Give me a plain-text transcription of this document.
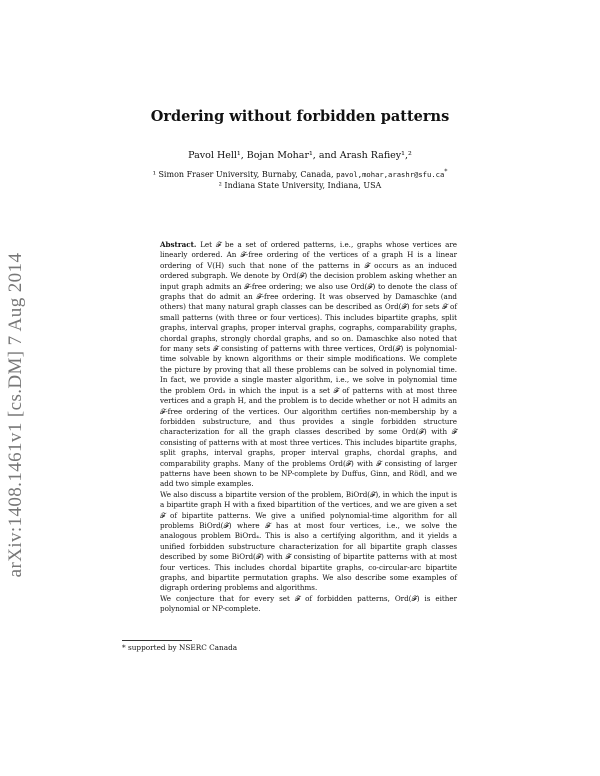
arXiv:1408.1461v1 [cs.DM] 7 Aug 2014
Ordering without forbidden patterns
Pavol Hell¹, Bojan Mohar¹, and Arash Rafiey¹,²
¹ Simon Fraser University, Burnaby, Canada, pavol,mohar,arashr@sfu.ca*
² Indiana State University, Indiana, USA

Abstract. Let 𝓕 be a set of ordered patterns, i.e., graphs whose vertices are linearly ordered. An 𝓕-free ordering of the vertices of a graph H is a linear ordering of V(H) such that none of the patterns in 𝓕 occurs as an induced ordered subgraph. We denote by Ord(𝓕) the decision problem asking whether an input graph admits an 𝓕-free ordering; we also use Ord(𝓕) to denote the class of graphs that do admit an 𝓕-free ordering. It was observed by Damaschke (and others) that many natural graph classes can be described as Ord(𝓕) for sets 𝓕 of small patterns (with three or four vertices). This includes bipartite graphs, split graphs, interval graphs, proper interval graphs, cographs, comparability graphs, chordal graphs, strongly chordal graphs, and so on. Damaschke also noted that for many sets 𝓕 consisting of patterns with three vertices, Ord(𝓕) is polynomial-time solvable by known algorithms or their simple modifications. We complete the picture by proving that all these problems can be solved in polynomial time. In fact, we provide a single master algorithm, i.e., we solve in polynomial time the problem Ord₃ in which the input is a set 𝓕 of patterns with at most three vertices and a graph H, and the problem is to decide whether or not H admits an 𝓕-free ordering of the vertices. Our algorithm certifies non-membership by a forbidden substructure, and thus provides a single forbidden structure characterization for all the graph classes described by some Ord(𝓕) with 𝓕 consisting of patterns with at most three vertices. This includes bipartite graphs, split graphs, interval graphs, proper interval graphs, chordal graphs, and comparability graphs. Many of the problems Ord(𝓕) with 𝓕 consisting of larger patterns have been shown to be NP-complete by Duffus, Ginn, and Rödl, and we add two simple examples.

We also discuss a bipartite version of the problem, BiOrd(𝓕), in which the input is a bipartite graph H with a fixed bipartition of the vertices, and we are given a set 𝓕 of bipartite patterns. We give a unified polynomial-time algorithm for all problems BiOrd(𝓕) where 𝓕 has at most four vertices, i.e., we solve the analogous problem BiOrd₄. This is also a certifying algorithm, and it yields a unified forbidden substructure characterization for all bipartite graph classes described by some BiOrd(𝓕) with 𝓕 consisting of bipartite patterns with at most four vertices. This includes chordal bipartite graphs, co-circular-arc bipartite graphs, and bipartite permutation graphs. We also describe some examples of digraph ordering problems and algorithms.

We conjecture that for every set 𝓕 of forbidden patterns, Ord(𝓕) is either polynomial or NP-complete.

* supported by NSERC Canada
